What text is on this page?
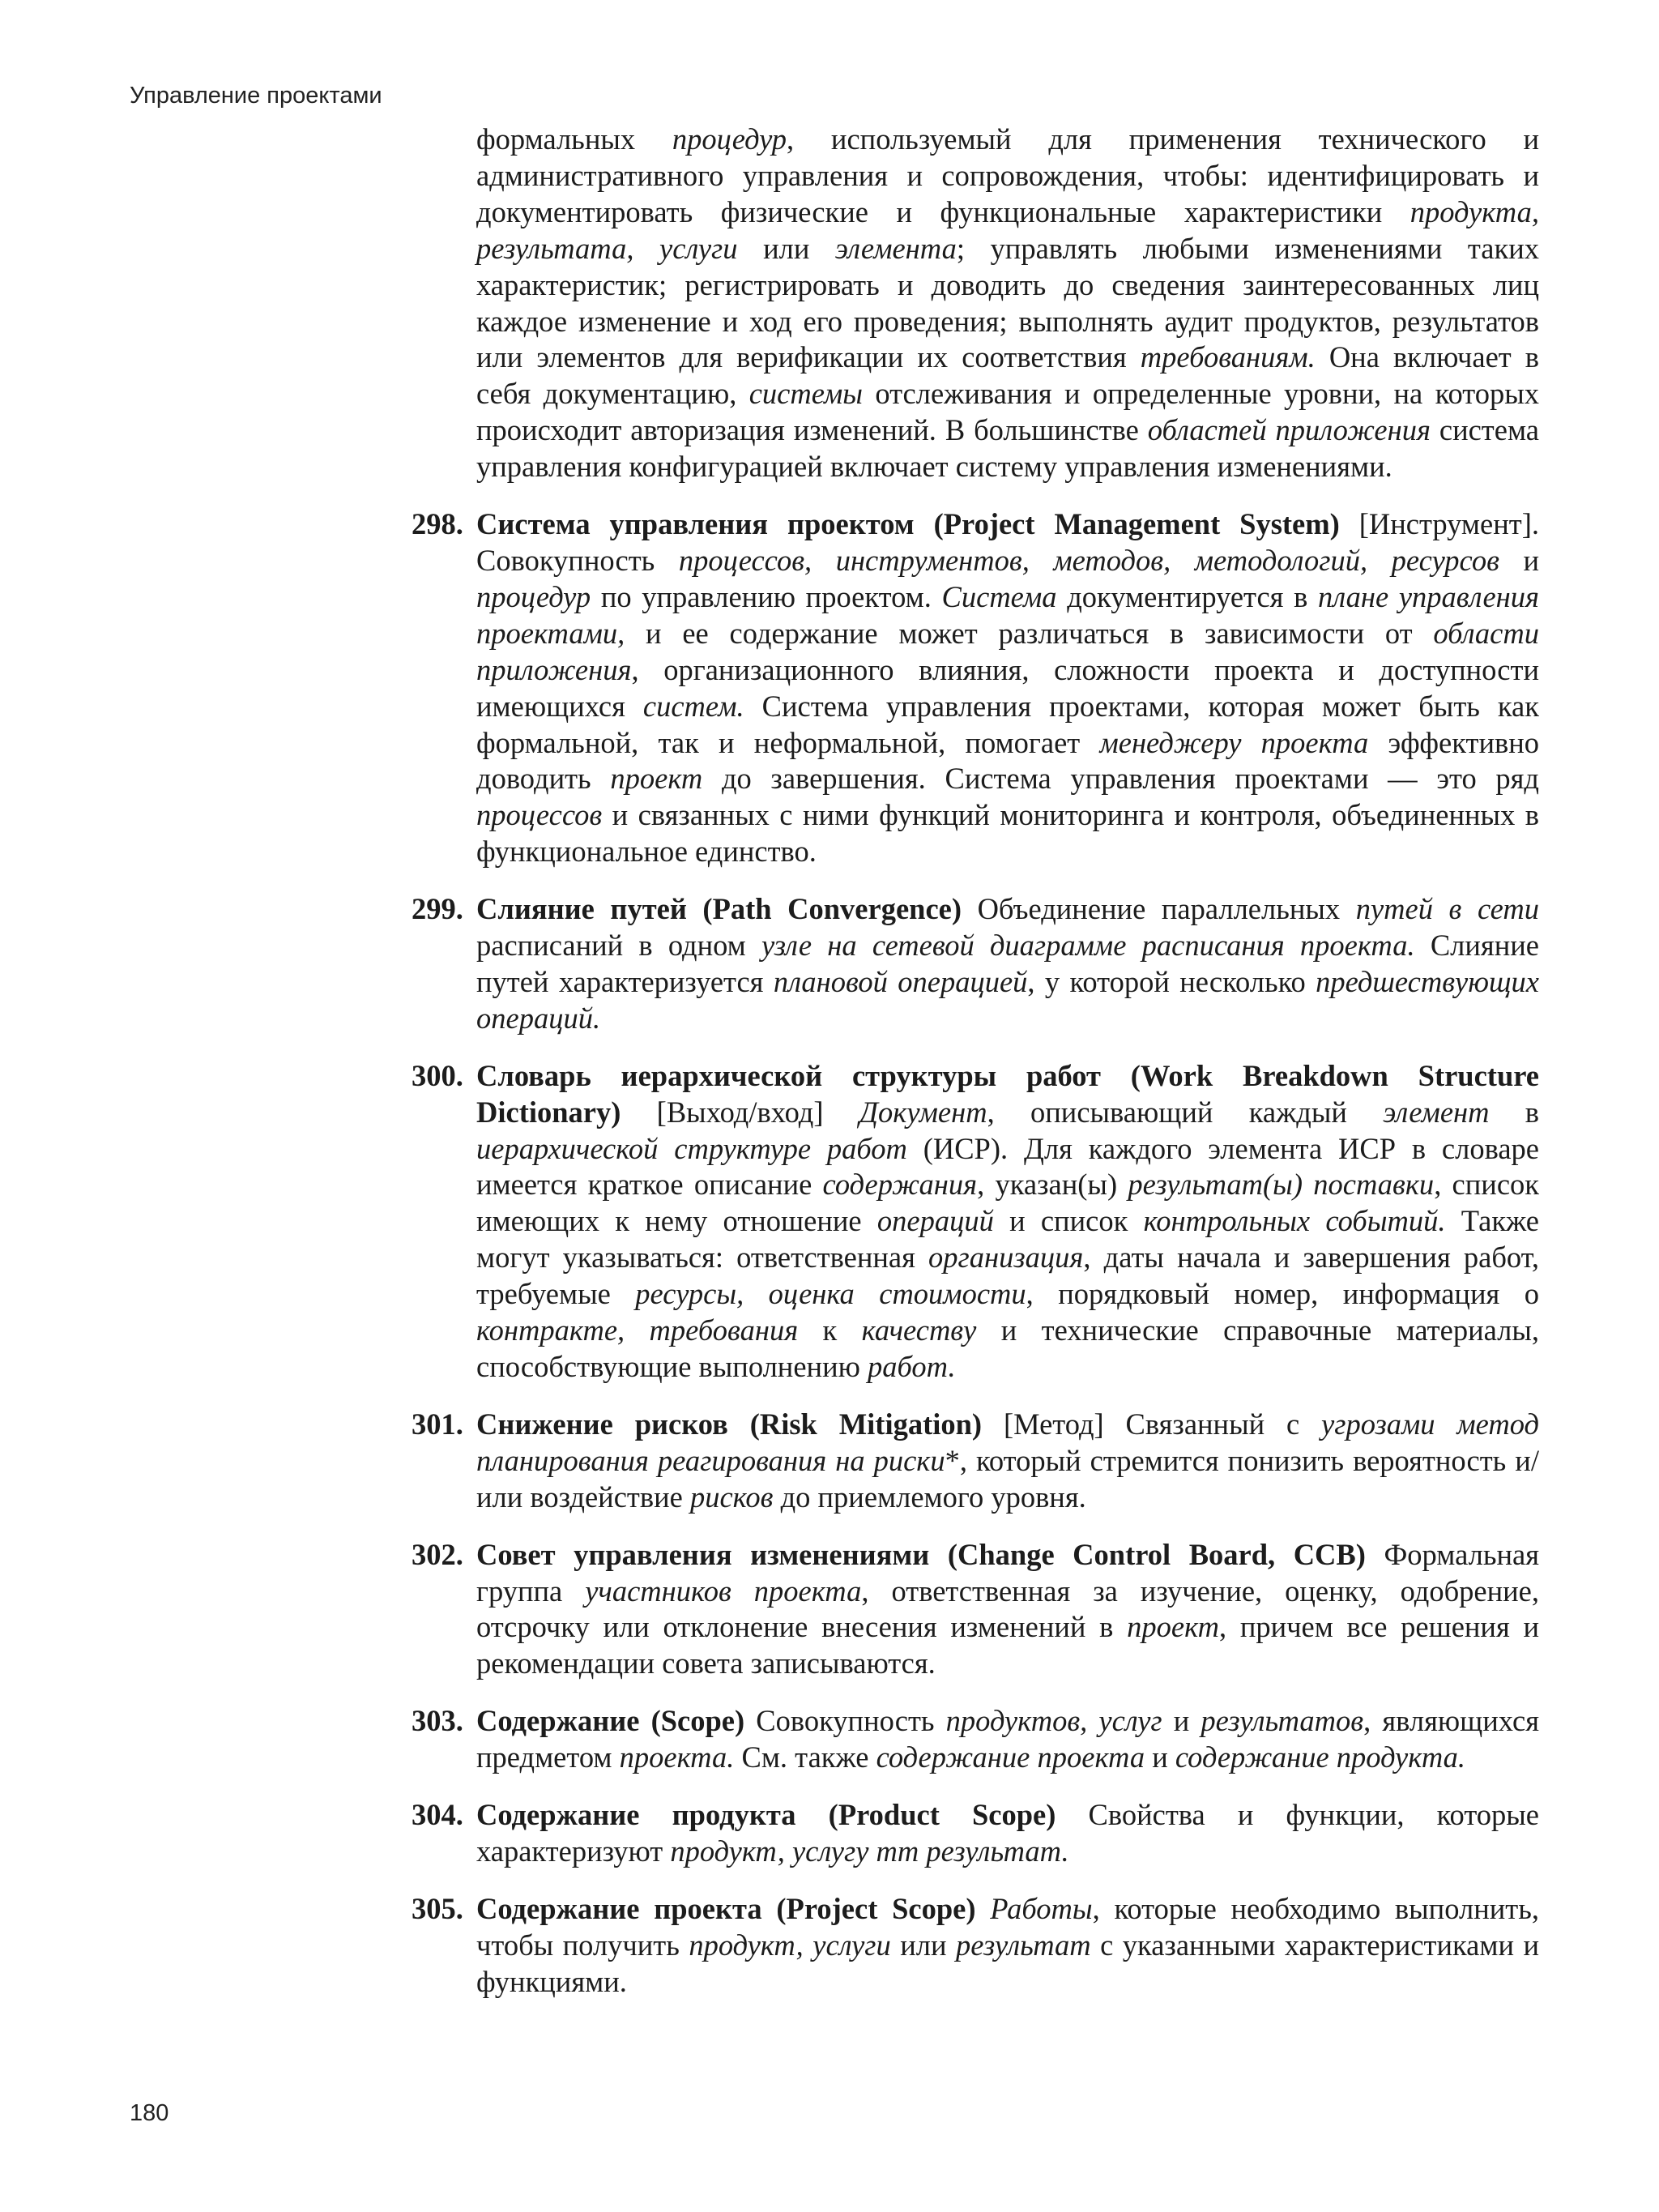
Управление проектами

формальных процедур, используемый для применения технического и административного управления и сопровождения, чтобы: идентифицировать и документировать физические и функциональные характеристики продукта, результата, услуги или элемента; управлять любыми изменениями таких характеристик; регистрировать и доводить до сведения заинтересованных лиц каждое изменение и ход его проведения; выполнять аудит продуктов, результатов или элементов для верификации их соответствия требованиям. Она включает в себя документацию, системы отслеживания и определенные уровни, на которых происходит авторизация изменений. В большинстве областей приложения система управления конфигурацией включает систему управления изменениями.

298. Система управления проектом (Project Management System) [Инструмент]. Совокупность процессов, инструментов, методов, методологий, ресурсов и процедур по управлению проектом. Система документируется в плане управления проектами, и ее содержание может различаться в зависимости от области приложения, организационного влияния, сложности проекта и доступности имеющихся систем. Система управления проектами, которая может быть как формальной, так и неформальной, помогает менеджеру проекта эффективно доводить проект до завершения. Система управления проектами — это ряд процессов и связанных с ними функций мониторинга и контроля, объединенных в функциональное единство.
299. Слияние путей (Path Convergence) Объединение параллельных путей в сети расписаний в одном узле на сетевой диаграмме расписания проекта. Слияние путей характеризуется плановой операцией, у которой несколько предшествующих операций.
300. Словарь иерархической структуры работ (Work Breakdown Structure Dictionary) [Выход/вход] Документ, описывающий каждый элемент в иерархической структуре работ (ИСР). Для каждого элемента ИСР в словаре имеется краткое описание содержания, указан(ы) результат(ы) поставки, список имеющих к нему отношение операций и список контрольных событий. Также могут указываться: ответственная организация, даты начала и завершения работ, требуемые ресурсы, оценка стоимости, порядковый номер, информация о контракте, требования к качеству и технические справочные материалы, способствующие выполнению работ.
301. Снижение рисков (Risk Mitigation) [Метод] Связанный с угрозами метод планирования реагирования на риски*, который стремится понизить вероятность и/или воздействие рисков до приемлемого уровня.
302. Совет управления изменениями (Change Control Board, CCB) Формальная группа участников проекта, ответственная за изучение, оценку, одобрение, отсрочку или отклонение внесения изменений в проект, причем все решения и рекомендации совета записываются.
303. Содержание (Scope) Совокупность продуктов, услуг и результатов, являющихся предметом проекта. См. также содержание проекта и содержание продукта.
304. Содержание продукта (Product Scope) Свойства и функции, которые характеризуют продукт, услугу тт результат.
305. Содержание проекта (Project Scope) Работы, которые необходимо выполнить, чтобы получить продукт, услуги или результат с указанными характеристиками и функциями.
180
